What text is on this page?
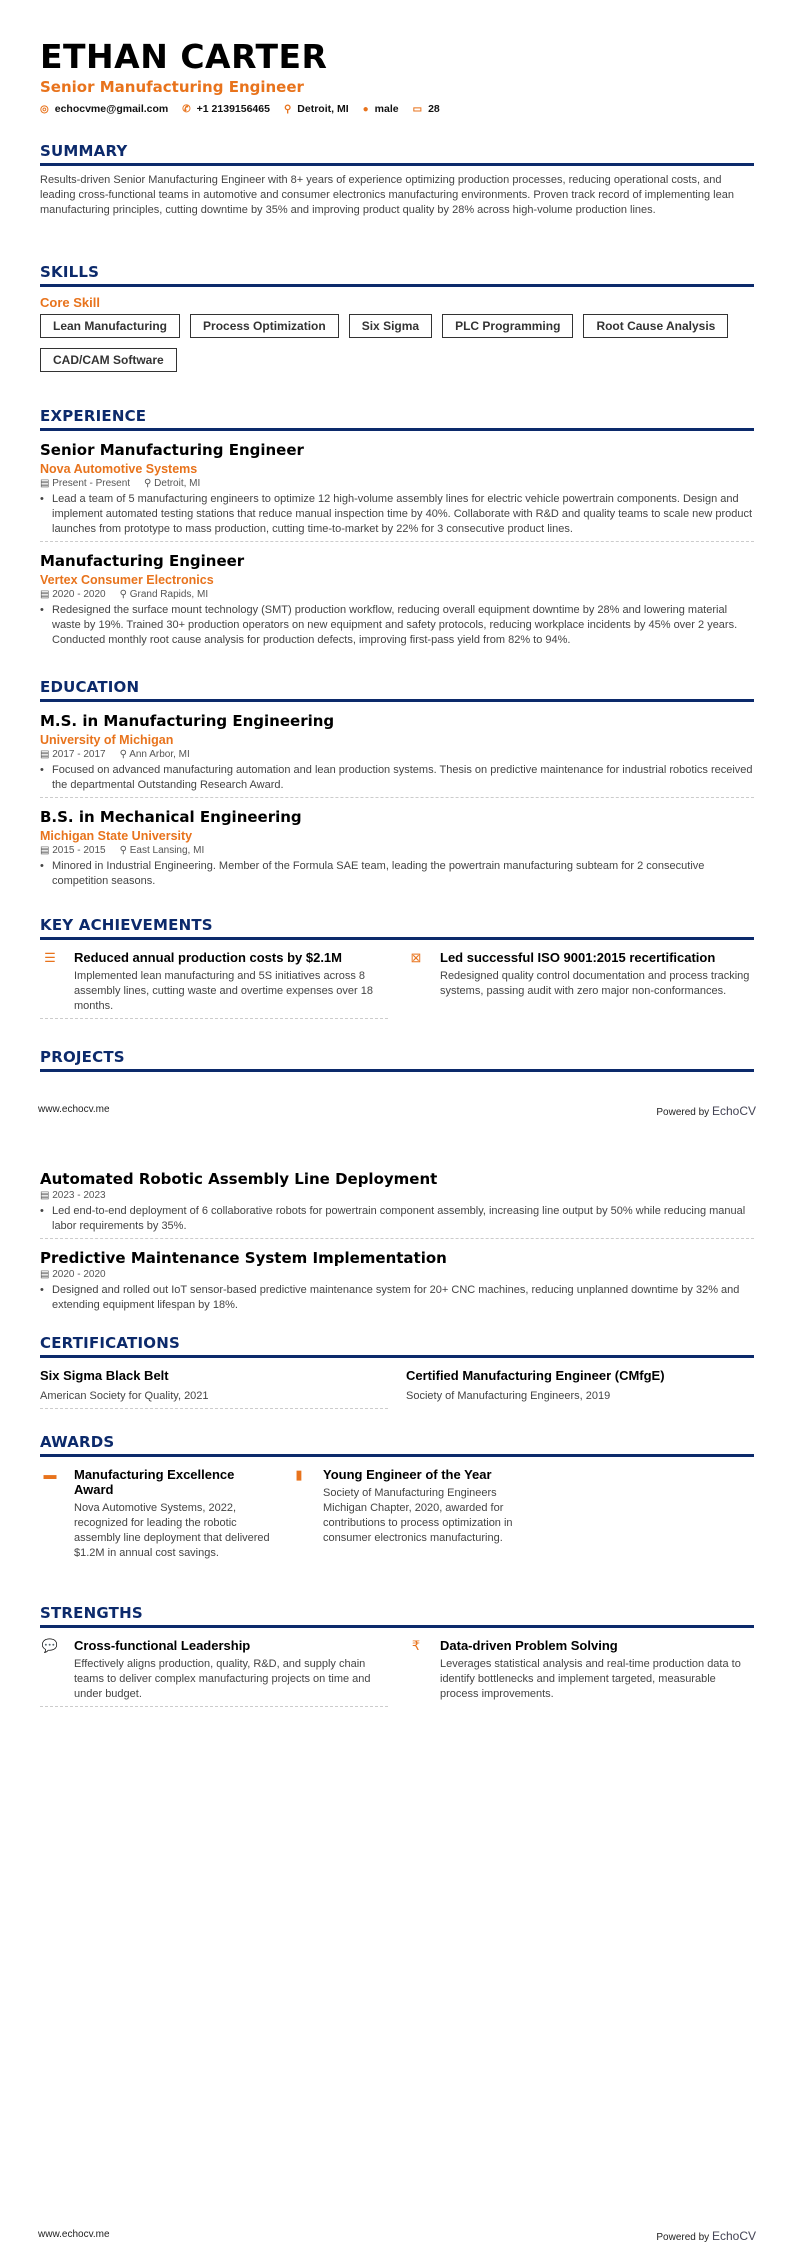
ETHAN CARTER
Senior Manufacturing Engineer
◎ echocvme@gmail.com ✆ +1 2139156465 ⚲ Detroit, MI ● male ▭ 28
SUMMARY
Results-driven Senior Manufacturing Engineer with 8+ years of experience optimizing production processes, reducing operational costs, and leading cross-functional teams in automotive and consumer electronics manufacturing environments. Proven track record of implementing lean manufacturing principles, cutting downtime by 35% and improving product quality by 28% across high-volume production lines.
SKILLS
Core Skill
Lean Manufacturing	Process Optimization	Six Sigma	PLC Programming	Root Cause Analysis
CAD/CAM Software
EXPERIENCE
Senior Manufacturing Engineer
Nova Automotive Systems
▤ Present - Present ⚲ Detroit, MI
• Lead a team of 5 manufacturing engineers to optimize 12 high-volume assembly lines for electric vehicle powertrain components. Design and implement automated testing stations that reduce manual inspection time by 40%. Collaborate with R&D and quality teams to scale new product launches from prototype to mass production, cutting time-to-market by 22% for 3 consecutive product lines.
Manufacturing Engineer
Vertex Consumer Electronics
▤ 2020 - 2020 ⚲ Grand Rapids, MI
• Redesigned the surface mount technology (SMT) production workflow, reducing overall equipment downtime by 28% and lowering material waste by 19%. Trained 30+ production operators on new equipment and safety protocols, reducing workplace incidents by 45% over 2 years. Conducted monthly root cause analysis for production defects, improving first-pass yield from 82% to 94%.
EDUCATION
M.S. in Manufacturing Engineering
University of Michigan
▤ 2017 - 2017 ⚲ Ann Arbor, MI
• Focused on advanced manufacturing automation and lean production systems. Thesis on predictive maintenance for industrial robotics received the departmental Outstanding Research Award.
B.S. in Mechanical Engineering
Michigan State University
▤ 2015 - 2015 ⚲ East Lansing, MI
• Minored in Industrial Engineering. Member of the Formula SAE team, leading the powertrain manufacturing subteam for 2 consecutive competition seasons.
KEY ACHIEVEMENTS
☰	Reduced annual production costs by $2.1M
Implemented lean manufacturing and 5S initiatives across 8 assembly lines, cutting waste and overtime expenses over 18 months.
⊠	Led successful ISO 9001:2015 recertification
Redesigned quality control documentation and process tracking systems, passing audit with zero major non-conformances.
PROJECTS
www.echocv.me	Powered by EchoCV
Automated Robotic Assembly Line Deployment
▤ 2023 - 2023
• Led end-to-end deployment of 6 collaborative robots for powertrain component assembly, increasing line output by 50% while reducing manual labor requirements by 35%.
Predictive Maintenance System Implementation
▤ 2020 - 2020
• Designed and rolled out IoT sensor-based predictive maintenance system for 20+ CNC machines, reducing unplanned downtime by 32% and extending equipment lifespan by 18%.
CERTIFICATIONS
Six Sigma Black Belt
American Society for Quality, 2021
Certified Manufacturing Engineer (CMfgE)
Society of Manufacturing Engineers, 2019
AWARDS
▬ Manufacturing Excellence Award
Nova Automotive Systems, 2022, recognized for leading the robotic assembly line deployment that delivered $1.2M in annual cost savings.
▮	Young Engineer of the Year
Society of Manufacturing Engineers Michigan Chapter, 2020, awarded for contributions to process optimization in consumer electronics manufacturing.
STRENGTHS
💬 Cross-functional Leadership
Effectively aligns production, quality, R&D, and supply chain teams to deliver complex manufacturing projects on time and under budget.
₹	Data-driven Problem Solving
Leverages statistical analysis and real-time production data to identify bottlenecks and implement targeted, measurable process improvements.
www.echocv.me	Powered by EchoCV
